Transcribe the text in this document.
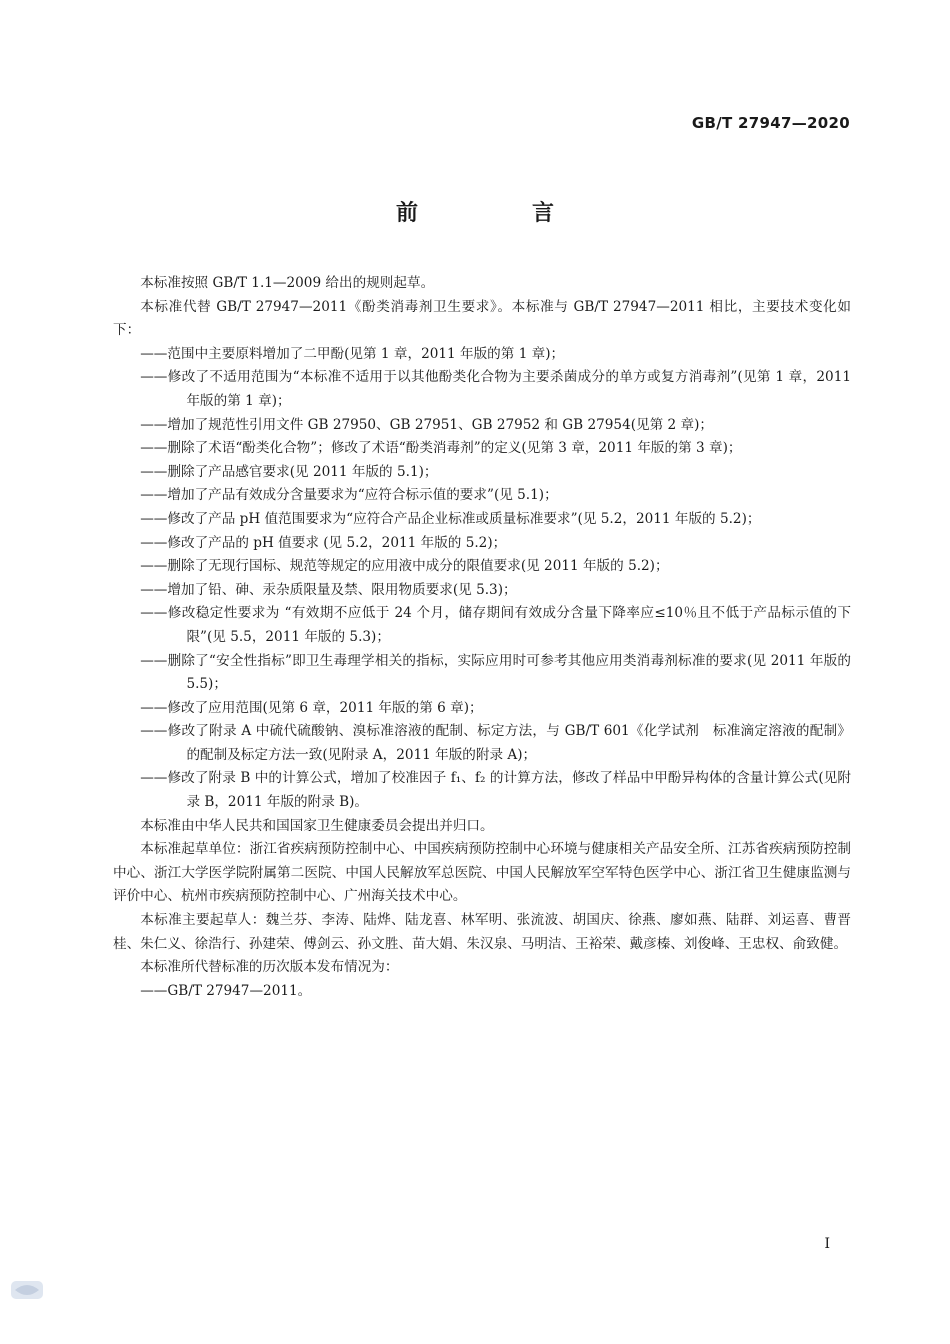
GB/T 27947—2020
前　言

本标准按照 GB/T 1.1—2009 给出的规则起草。

本标准代替 GB/T 27947—2011《酚类消毒剂卫生要求》。本标准与 GB/T 27947—2011 相比，主要技术变化如下：

——范围中主要原料增加了二甲酚(见第 1 章，2011 年版的第 1 章)；

——修改了不适用范围为“本标准不适用于以其他酚类化合物为主要杀菌成分的单方或复方消毒剂”(见第 1 章，2011 年版的第 1 章)；

——增加了规范性引用文件 GB 27950、GB 27951、GB 27952 和 GB 27954(见第 2 章)；

——删除了术语“酚类化合物”；修改了术语“酚类消毒剂”的定义(见第 3 章，2011 年版的第 3 章)；

——删除了产品感官要求(见 2011 年版的 5.1)；

——增加了产品有效成分含量要求为“应符合标示值的要求”(见 5.1)；

——修改了产品 pH 值范围要求为“应符合产品企业标准或质量标准要求”(见 5.2，2011 年版的 5.2)；

——修改了产品的 pH 值要求 (见 5.2，2011 年版的 5.2)；

——删除了无现行国标、规范等规定的应用液中成分的限值要求(见 2011 年版的 5.2)；

——增加了铅、砷、汞杂质限量及禁、限用物质要求(见 5.3)；

——修改稳定性要求为 “有效期不应低于 24 个月，储存期间有效成分含量下降率应≤10％且不低于产品标示值的下限”(见 5.5，2011 年版的 5.3)；

——删除了“安全性指标”即卫生毒理学相关的指标，实际应用时可参考其他应用类消毒剂标准的要求(见 2011 年版的 5.5)；

——修改了应用范围(见第 6 章，2011 年版的第 6 章)；

——修改了附录 A 中硫代硫酸钠、溴标准溶液的配制、标定方法，与 GB/T 601《化学试剂　标准滴定溶液的配制》的配制及标定方法一致(见附录 A，2011 年版的附录 A)；

——修改了附录 B 中的计算公式，增加了校准因子 f₁、f₂ 的计算方法，修改了样品中甲酚异构体的含量计算公式(见附录 B，2011 年版的附录 B)。

本标准由中华人民共和国国家卫生健康委员会提出并归口。

本标准起草单位：浙江省疾病预防控制中心、中国疾病预防控制中心环境与健康相关产品安全所、江苏省疾病预防控制中心、浙江大学医学院附属第二医院、中国人民解放军总医院、中国人民解放军空军特色医学中心、浙江省卫生健康监测与评价中心、杭州市疾病预防控制中心、广州海关技术中心。

本标准主要起草人：魏兰芬、李涛、陆烨、陆龙喜、林军明、张流波、胡国庆、徐燕、廖如燕、陆群、刘运喜、曹晋桂、朱仁义、徐浩行、孙建荣、傅剑云、孙文胜、苗大娟、朱汉泉、马明洁、王裕荣、戴彦榛、刘俊峰、王忠权、俞致健。

本标准所代替标准的历次版本发布情况为：

——GB/T 27947—2011。

I
